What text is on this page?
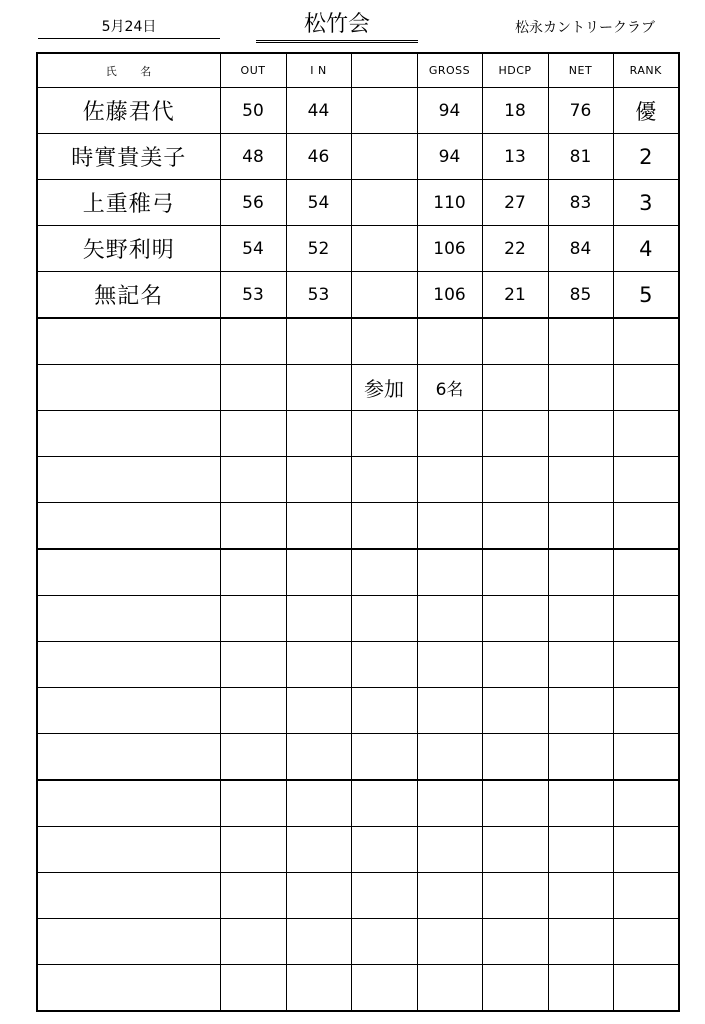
5月24日	松竹会	松永カントリークラブ
氏　　名	OUT	I N		GROSS	HDCP	NET	RANK
佐藤君代	50	44		94	18	76	優
時實貴美子	48	46		94	13	81	2
上重稚弓	56	54		110	27	83	3
矢野利明	54	52		106	22	84	4
無記名	53	53		106	21	85	5

			参加	6名			
